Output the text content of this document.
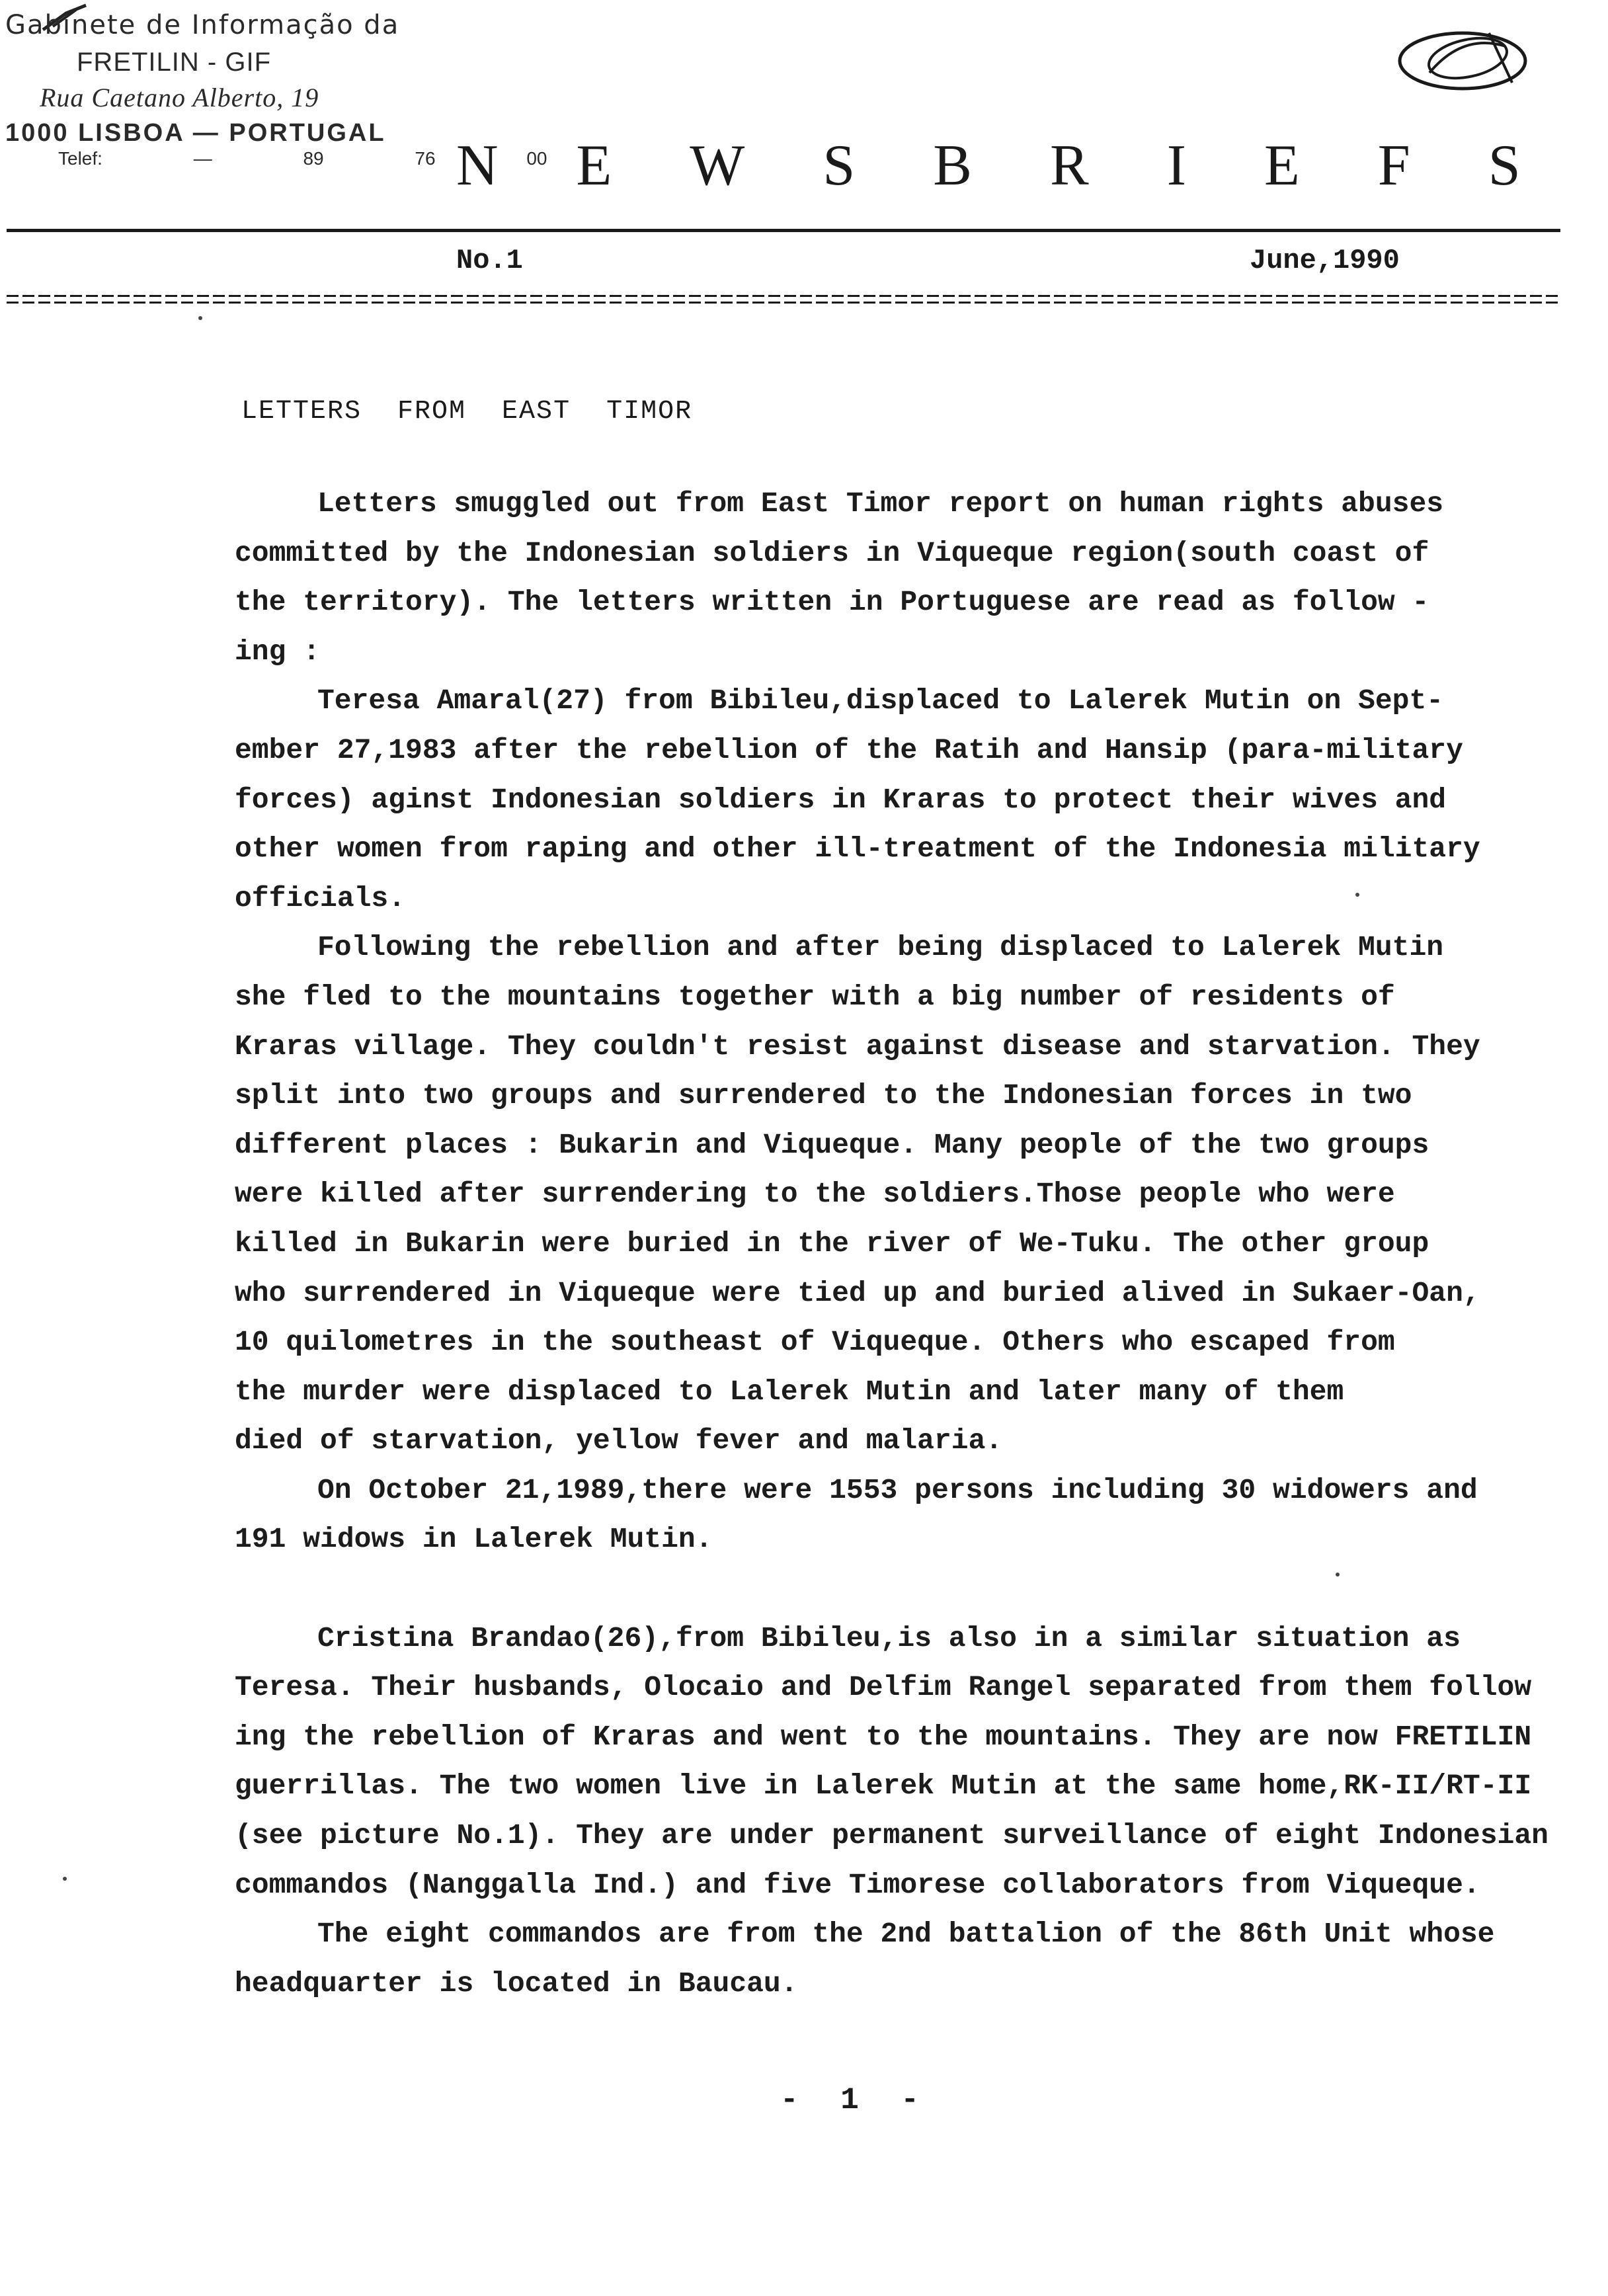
Gabinete de Informação da
FRETILIN - GIF
Rua Caetano Alberto, 19
1000 LISBOA — PORTUGAL
Telef: — 89 76 00
NEWSBRIEFS
No.1	June,1990
LETTERS FROM EAST TIMOR
Letters smuggled out from East Timor report on human rights abuses
committed by the Indonesian soldiers in Viqueque region(south coast of
the territory). The letters written in Portuguese are read as follow -
ing :
Teresa Amaral(27) from Bibileu,displaced to Lalerek Mutin on Sept-
ember 27,1983 after the rebellion of the Ratih and Hansip (para-military
forces) aginst Indonesian soldiers in Kraras to protect their wives and
other women from raping and other ill-treatment of the Indonesia military
officials.
Following the rebellion and after being displaced to Lalerek Mutin
she fled to the mountains together with a big number of residents of
Kraras village. They couldn't resist against disease and starvation. They
split into two groups and surrendered to the Indonesian forces in two
different places : Bukarin and Viqueque. Many people of the two groups
were killed after surrendering to the soldiers.Those people who were
killed in Bukarin were buried in the river of We-Tuku. The other group
who surrendered in Viqueque were tied up and buried alived in Sukaer-Oan,
10 quilometres in the southeast of Viqueque. Others who escaped from
the murder were displaced to Lalerek Mutin and later many of them
died of starvation, yellow fever and malaria.
On October 21,1989,there were 1553 persons including 30 widowers and
191 widows in Lalerek Mutin.
Cristina Brandao(26),from Bibileu,is also in a similar situation as
Teresa. Their husbands, Olocaio and Delfim Rangel separated from them follow
ing the rebellion of Kraras and went to the mountains. They are now FRETILIN
guerrillas. The two women live in Lalerek Mutin at the same home,RK-II/RT-II
(see picture No.1). They are under permanent surveillance of eight Indonesian
commandos (Nanggalla Ind.) and five Timorese collaborators from Viqueque.
The eight commandos are from the 2nd battalion of the 86th Unit whose
headquarter is located in Baucau.
- 1 -
